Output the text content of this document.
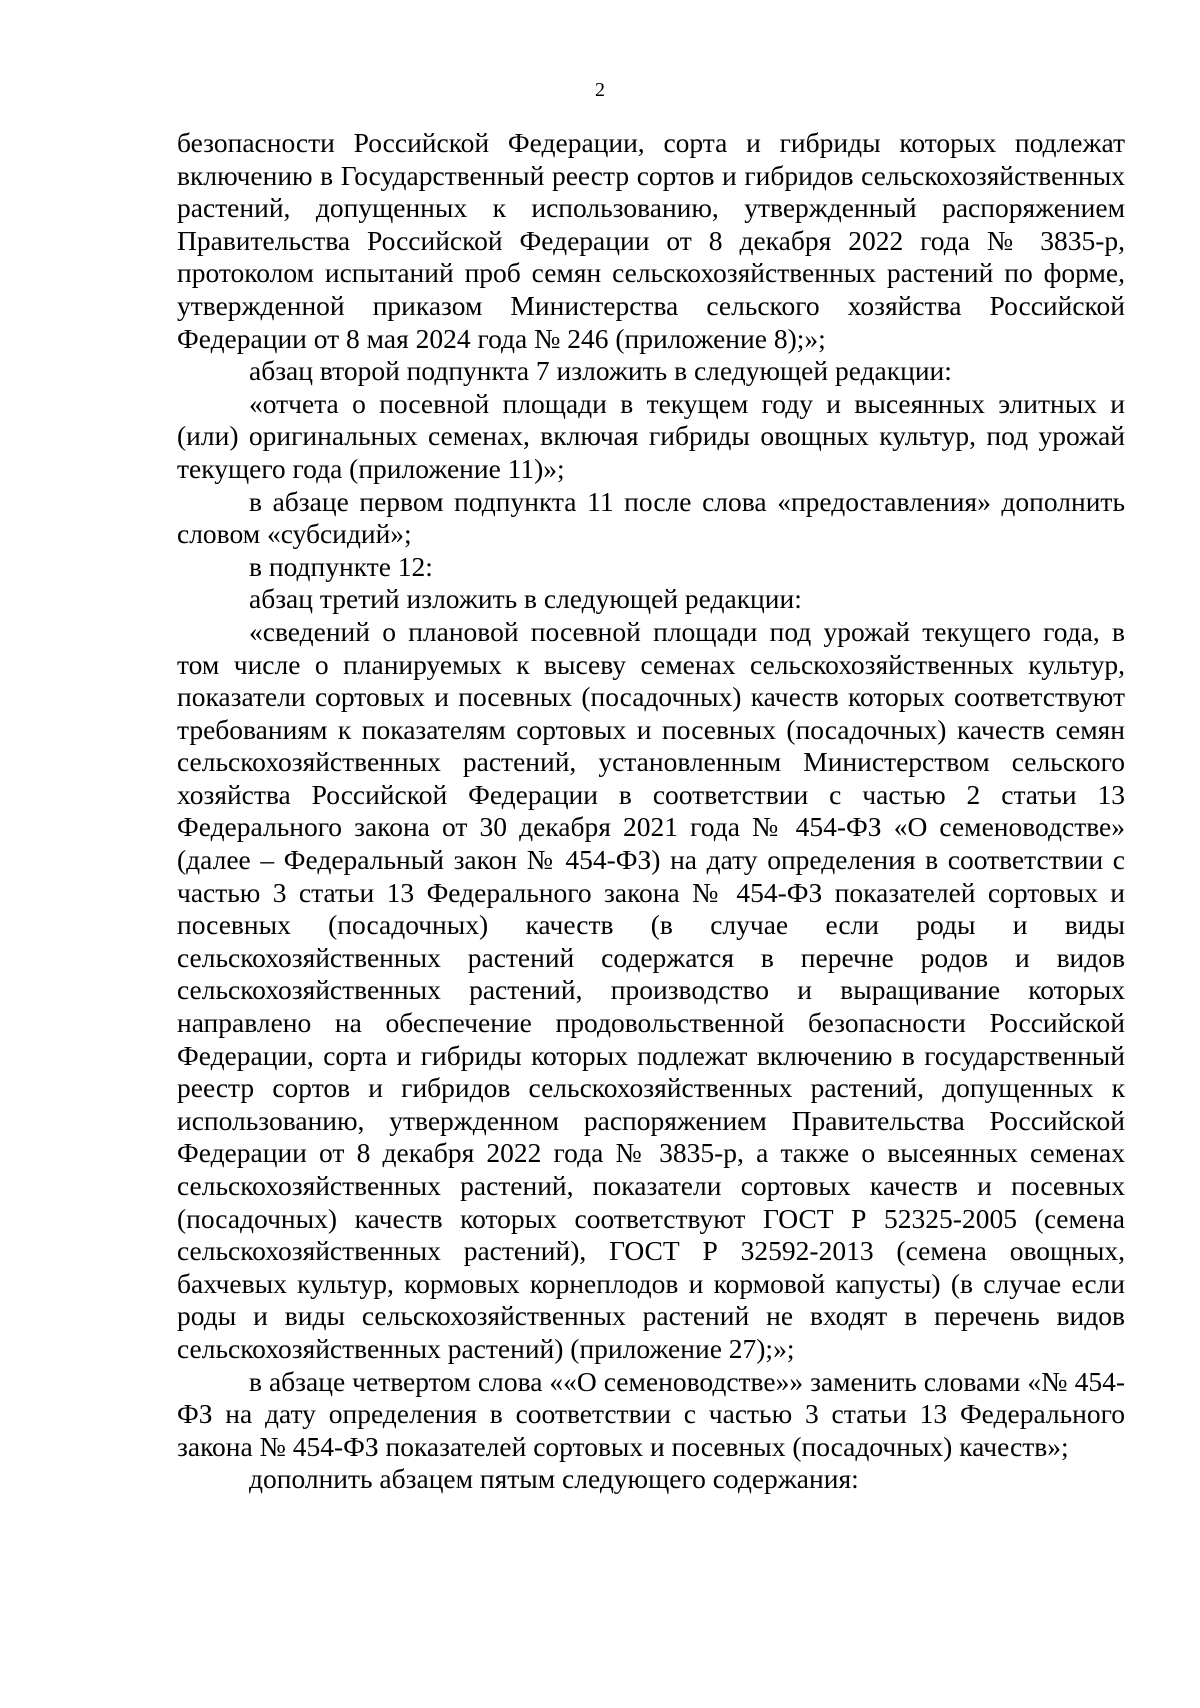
2

безопасности Российской Федерации, сорта и гибриды которых подлежат включению в Государственный реестр сортов и гибридов сельскохозяйственных растений, допущенных к использованию, утвержденный распоряжением Правительства Российской Федерации от 8 декабря 2022 года № 3835-р, протоколом испытаний проб семян сельскохозяйственных растений по форме, утвержденной приказом Министерства сельского хозяйства Российской Федерации от 8 мая 2024 года № 246 (приложение 8);»;

абзац второй подпункта 7 изложить в следующей редакции:

«отчета о посевной площади в текущем году и высеянных элитных и (или) оригинальных семенах, включая гибриды овощных культур, под урожай текущего года (приложение 11)»;

в абзаце первом подпункта 11 после слова «предоставления» дополнить словом «субсидий»;

в подпункте 12:

абзац третий изложить в следующей редакции:

«сведений о плановой посевной площади под урожай текущего года, в том числе о планируемых к высеву семенах сельскохозяйственных культур, показатели сортовых и посевных (посадочных) качеств которых соответствуют требованиям к показателям сортовых и посевных (посадочных) качеств семян сельскохозяйственных растений, установленным Министерством сельского хозяйства Российской Федерации в соответствии с частью 2 статьи 13 Федерального закона от 30 декабря 2021 года № 454-ФЗ «О семеноводстве» (далее – Федеральный закон № 454-ФЗ) на дату определения в соответствии с частью 3 статьи 13 Федерального закона № 454-ФЗ показателей сортовых и посевных (посадочных) качеств (в случае если роды и виды сельскохозяйственных растений содержатся в перечне родов и видов сельскохозяйственных растений, производство и выращивание которых направлено на обеспечение продовольственной безопасности Российской Федерации, сорта и гибриды которых подлежат включению в государственный реестр сортов и гибридов сельскохозяйственных растений, допущенных к использованию, утвержденном распоряжением Правительства Российской Федерации от 8 декабря 2022 года № 3835-р, а также о высеянных семенах сельскохозяйственных растений, показатели сортовых качеств и посевных (посадочных) качеств которых соответствуют ГОСТ Р 52325-2005 (семена сельскохозяйственных растений), ГОСТ Р 32592-2013 (семена овощных, бахчевых культур, кормовых корнеплодов и кормовой капусты) (в случае если роды и виды сельскохозяйственных растений не входят в перечень видов сельскохозяйственных растений) (приложение 27);»;

в абзаце четвертом слова ««О семеноводстве»» заменить словами «№ 454-ФЗ на дату определения в соответствии с частью 3 статьи 13 Федерального закона № 454-ФЗ показателей сортовых и посевных (посадочных) качеств»;

дополнить абзацем пятым следующего содержания:
